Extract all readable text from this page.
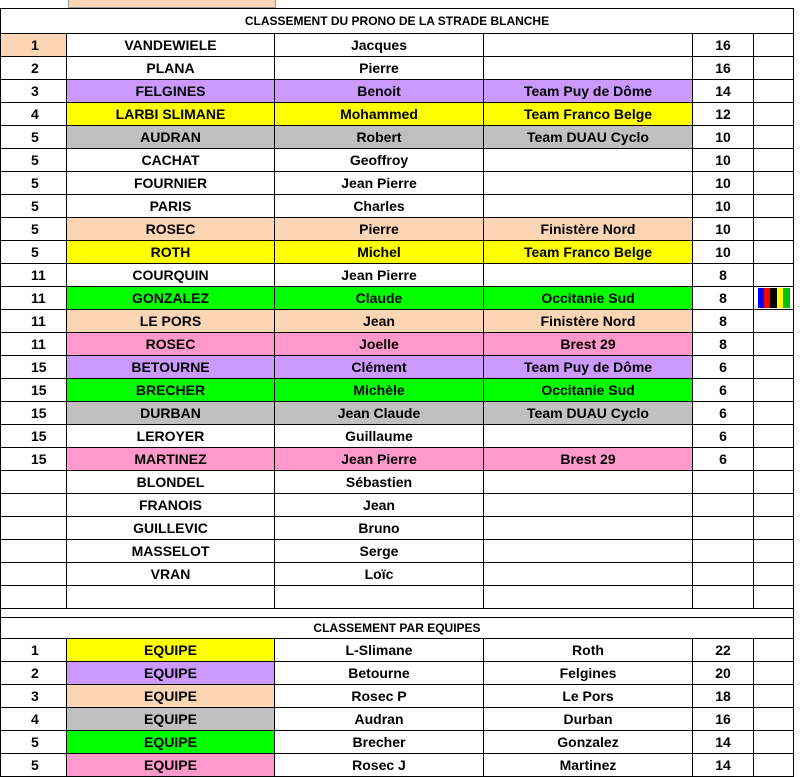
CLASSEMENT DU PRONO DE LA STRADE BLANCHE					
1	VANDEWIELE	Jacques		16	
2	PLANA	Pierre		16	
3	FELGINES	Benoit	Team Puy de Dôme	14	
4	LARBI SLIMANE	Mohammed	Team Franco Belge	12	
5	AUDRAN	Robert	Team DUAU Cyclo	10	
5	CACHAT	Geoffroy		10	
5	FOURNIER	Jean Pierre		10	
5	PARIS	Charles		10	
5	ROSEC	Pierre	Finistère Nord	10	
5	ROTH	Michel	Team Franco Belge	10	
11	COURQUIN	Jean Pierre		8	
11	GONZALEZ	Claude	Occitanie Sud	8	

11	LE PORS	Jean	Finistère Nord	8	
11	ROSEC	Joelle	Brest 29	8	
15	BETOURNE	Clément	Team Puy de Dôme	6	
15	BRECHER	Michèle	Occitanie Sud	6	
15	DURBAN	Jean Claude	Team DUAU Cyclo	6	
15	LEROYER	Guillaume		6	
15	MARTINEZ	Jean Pierre	Brest 29	6	
	BLONDEL	Sébastien			
	FRANOIS	Jean			
	GUILLEVIC	Bruno			
	MASSELOT	Serge			
	VRAN	Loïc			

CLASSEMENT PAR EQUIPES					
1	EQUIPE	L-Slimane	Roth	22	
2	EQUIPE	Betourne	Felgines	20	
3	EQUIPE	Rosec P	Le Pors	18	
4	EQUIPE	Audran	Durban	16	
5	EQUIPE	Brecher	Gonzalez	14	
5	EQUIPE	Rosec J	Martinez	14	
